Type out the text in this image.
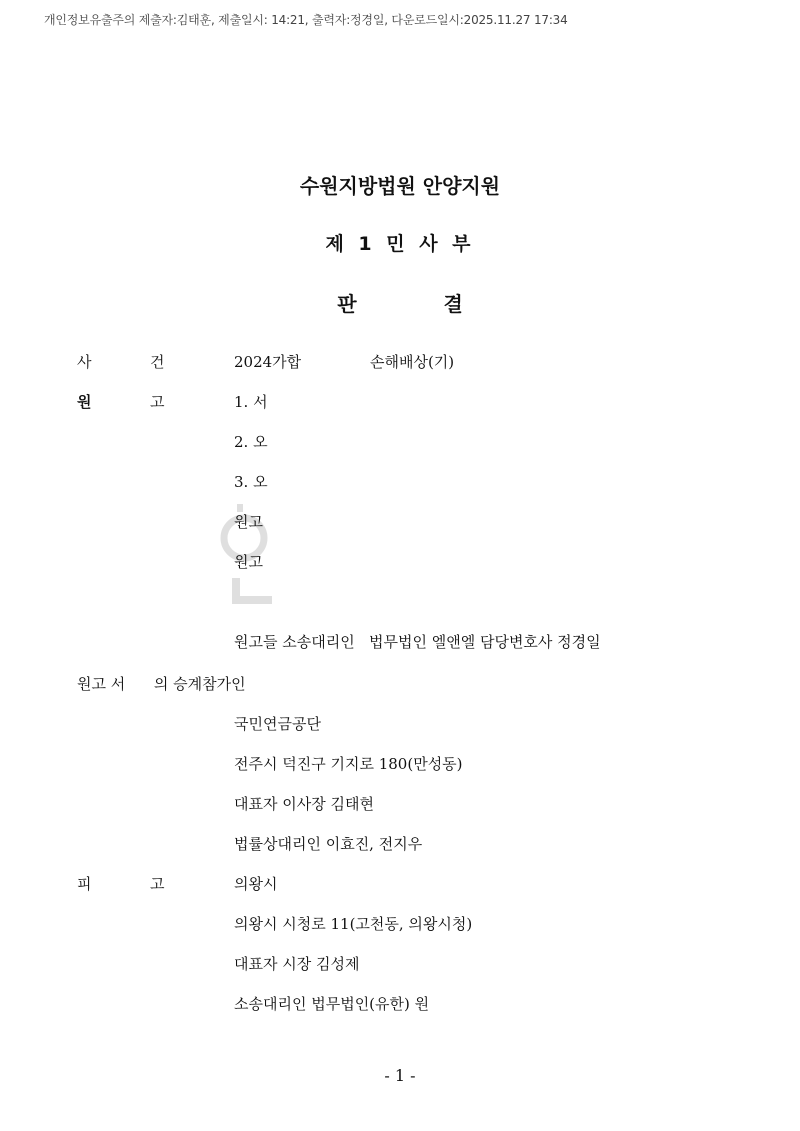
개인정보유출주의 제출자:김태훈, 제출일시: 14:21, 출력자:정경일, 다운로드일시:2025.11.27 17:34
수원지방법원 안양지원
제 1 민 사 부
판 결
사	건	2024가합	손해배상(기)
원	고	1. 서
2. 오
3. 오
원고
원고
원고들 소송대리인   법무법인 엘앤엘 담당변호사 정경일
원고 서      의 승계참가인
국민연금공단
전주시 덕진구 기지로 180(만성동)
대표자 이사장 김태현
법률상대리인 이효진, 전지우
피	고	의왕시
의왕시 시청로 11(고천동, 의왕시청)
대표자 시장 김성제
소송대리인 법무법인(유한) 원
- 1 -
